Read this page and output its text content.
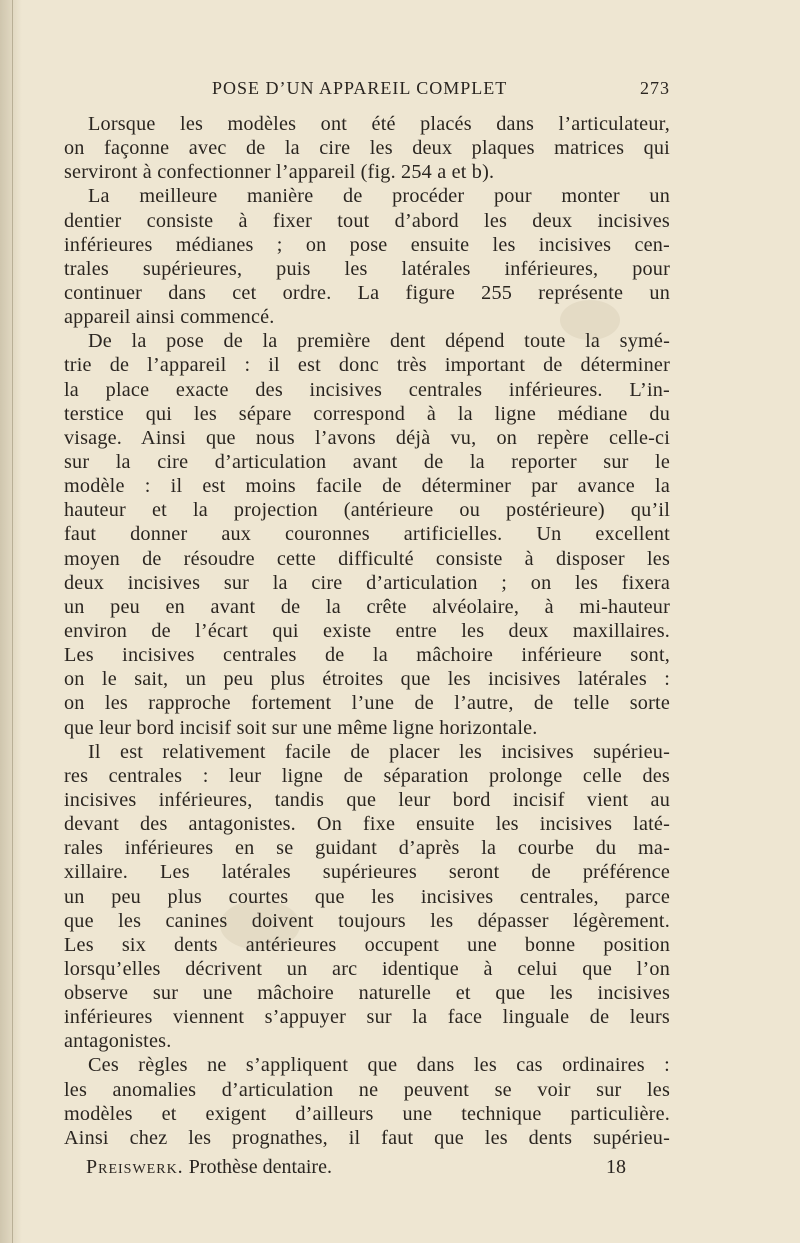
POSE D’UN APPAREIL COMPLET	273
Lorsque les modèles ont été placés dans l’articulateur,
on façonne avec de la cire les deux plaques matrices qui
serviront à confectionner l’appareil (fig. 254 a et b).
La meilleure manière de procéder pour monter un
dentier consiste à fixer tout d’abord les deux incisives
inférieures médianes ; on pose ensuite les incisives cen-
trales supérieures, puis les latérales inférieures, pour
continuer dans cet ordre. La figure 255 représente un
appareil ainsi commencé.
De la pose de la première dent dépend toute la symé-
trie de l’appareil : il est donc très important de déterminer
la place exacte des incisives centrales inférieures. L’in-
terstice qui les sépare correspond à la ligne médiane du
visage. Ainsi que nous l’avons déjà vu, on repère celle-ci
sur la cire d’articulation avant de la reporter sur le
modèle : il est moins facile de déterminer par avance la
hauteur et la projection (antérieure ou postérieure) qu’il
faut donner aux couronnes artificielles. Un excellent
moyen de résoudre cette difficulté consiste à disposer les
deux incisives sur la cire d’articulation ; on les fixera
un peu en avant de la crête alvéolaire, à mi-hauteur
environ de l’écart qui existe entre les deux maxillaires.
Les incisives centrales de la mâchoire inférieure sont,
on le sait, un peu plus étroites que les incisives latérales :
on les rapproche fortement l’une de l’autre, de telle sorte
que leur bord incisif soit sur une même ligne horizontale.
Il est relativement facile de placer les incisives supérieu-
res centrales : leur ligne de séparation prolonge celle des
incisives inférieures, tandis que leur bord incisif vient au
devant des antagonistes. On fixe ensuite les incisives laté-
rales inférieures en se guidant d’après la courbe du ma-
xillaire. Les latérales supérieures seront de préférence
un peu plus courtes que les incisives centrales, parce
que les canines doivent toujours les dépasser légèrement.
Les six dents antérieures occupent une bonne position
lorsqu’elles décrivent un arc identique à celui que l’on
observe sur une mâchoire naturelle et que les incisives
inférieures viennent s’appuyer sur la face linguale de leurs
antagonistes.
Ces règles ne s’appliquent que dans les cas ordinaires :
les anomalies d’articulation ne peuvent se voir sur les
modèles et exigent d’ailleurs une technique particulière.
Ainsi chez les prognathes, il faut que les dents supérieu-
Preiswerk. Prothèse dentaire.	18
